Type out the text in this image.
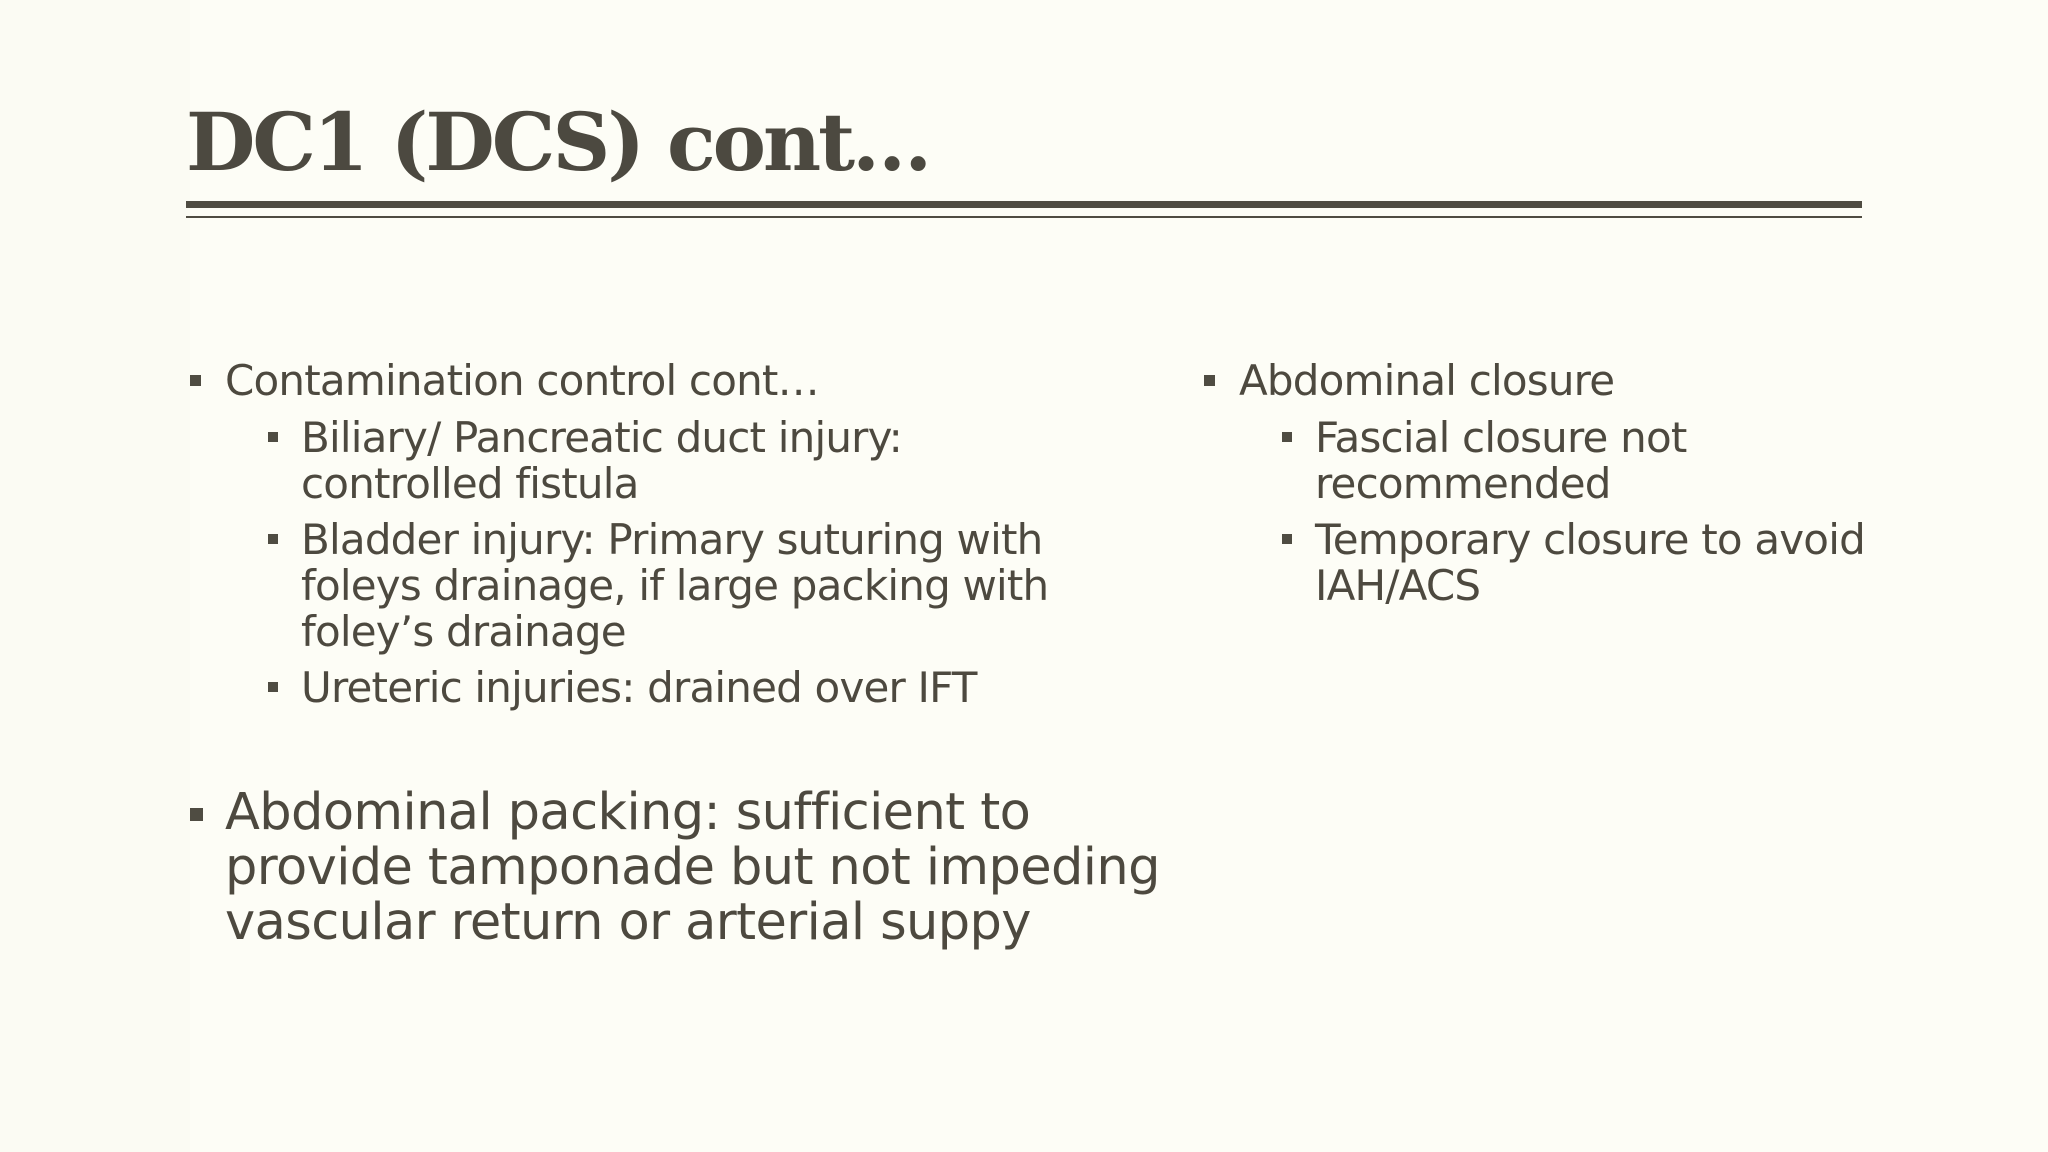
DC1 (DCS) cont…
Contamination control cont…
Biliary/ Pancreatic duct injury: controlled fistula
Bladder injury: Primary suturing with foleys drainage, if large packing with foley’s drainage
Ureteric injuries: drained over IFT
Abdominal packing: sufficient to provide tamponade but not impeding vascular return or arterial suppy
Abdominal closure
Fascial closure not recommended
Temporary closure to avoid IAH/ACS
